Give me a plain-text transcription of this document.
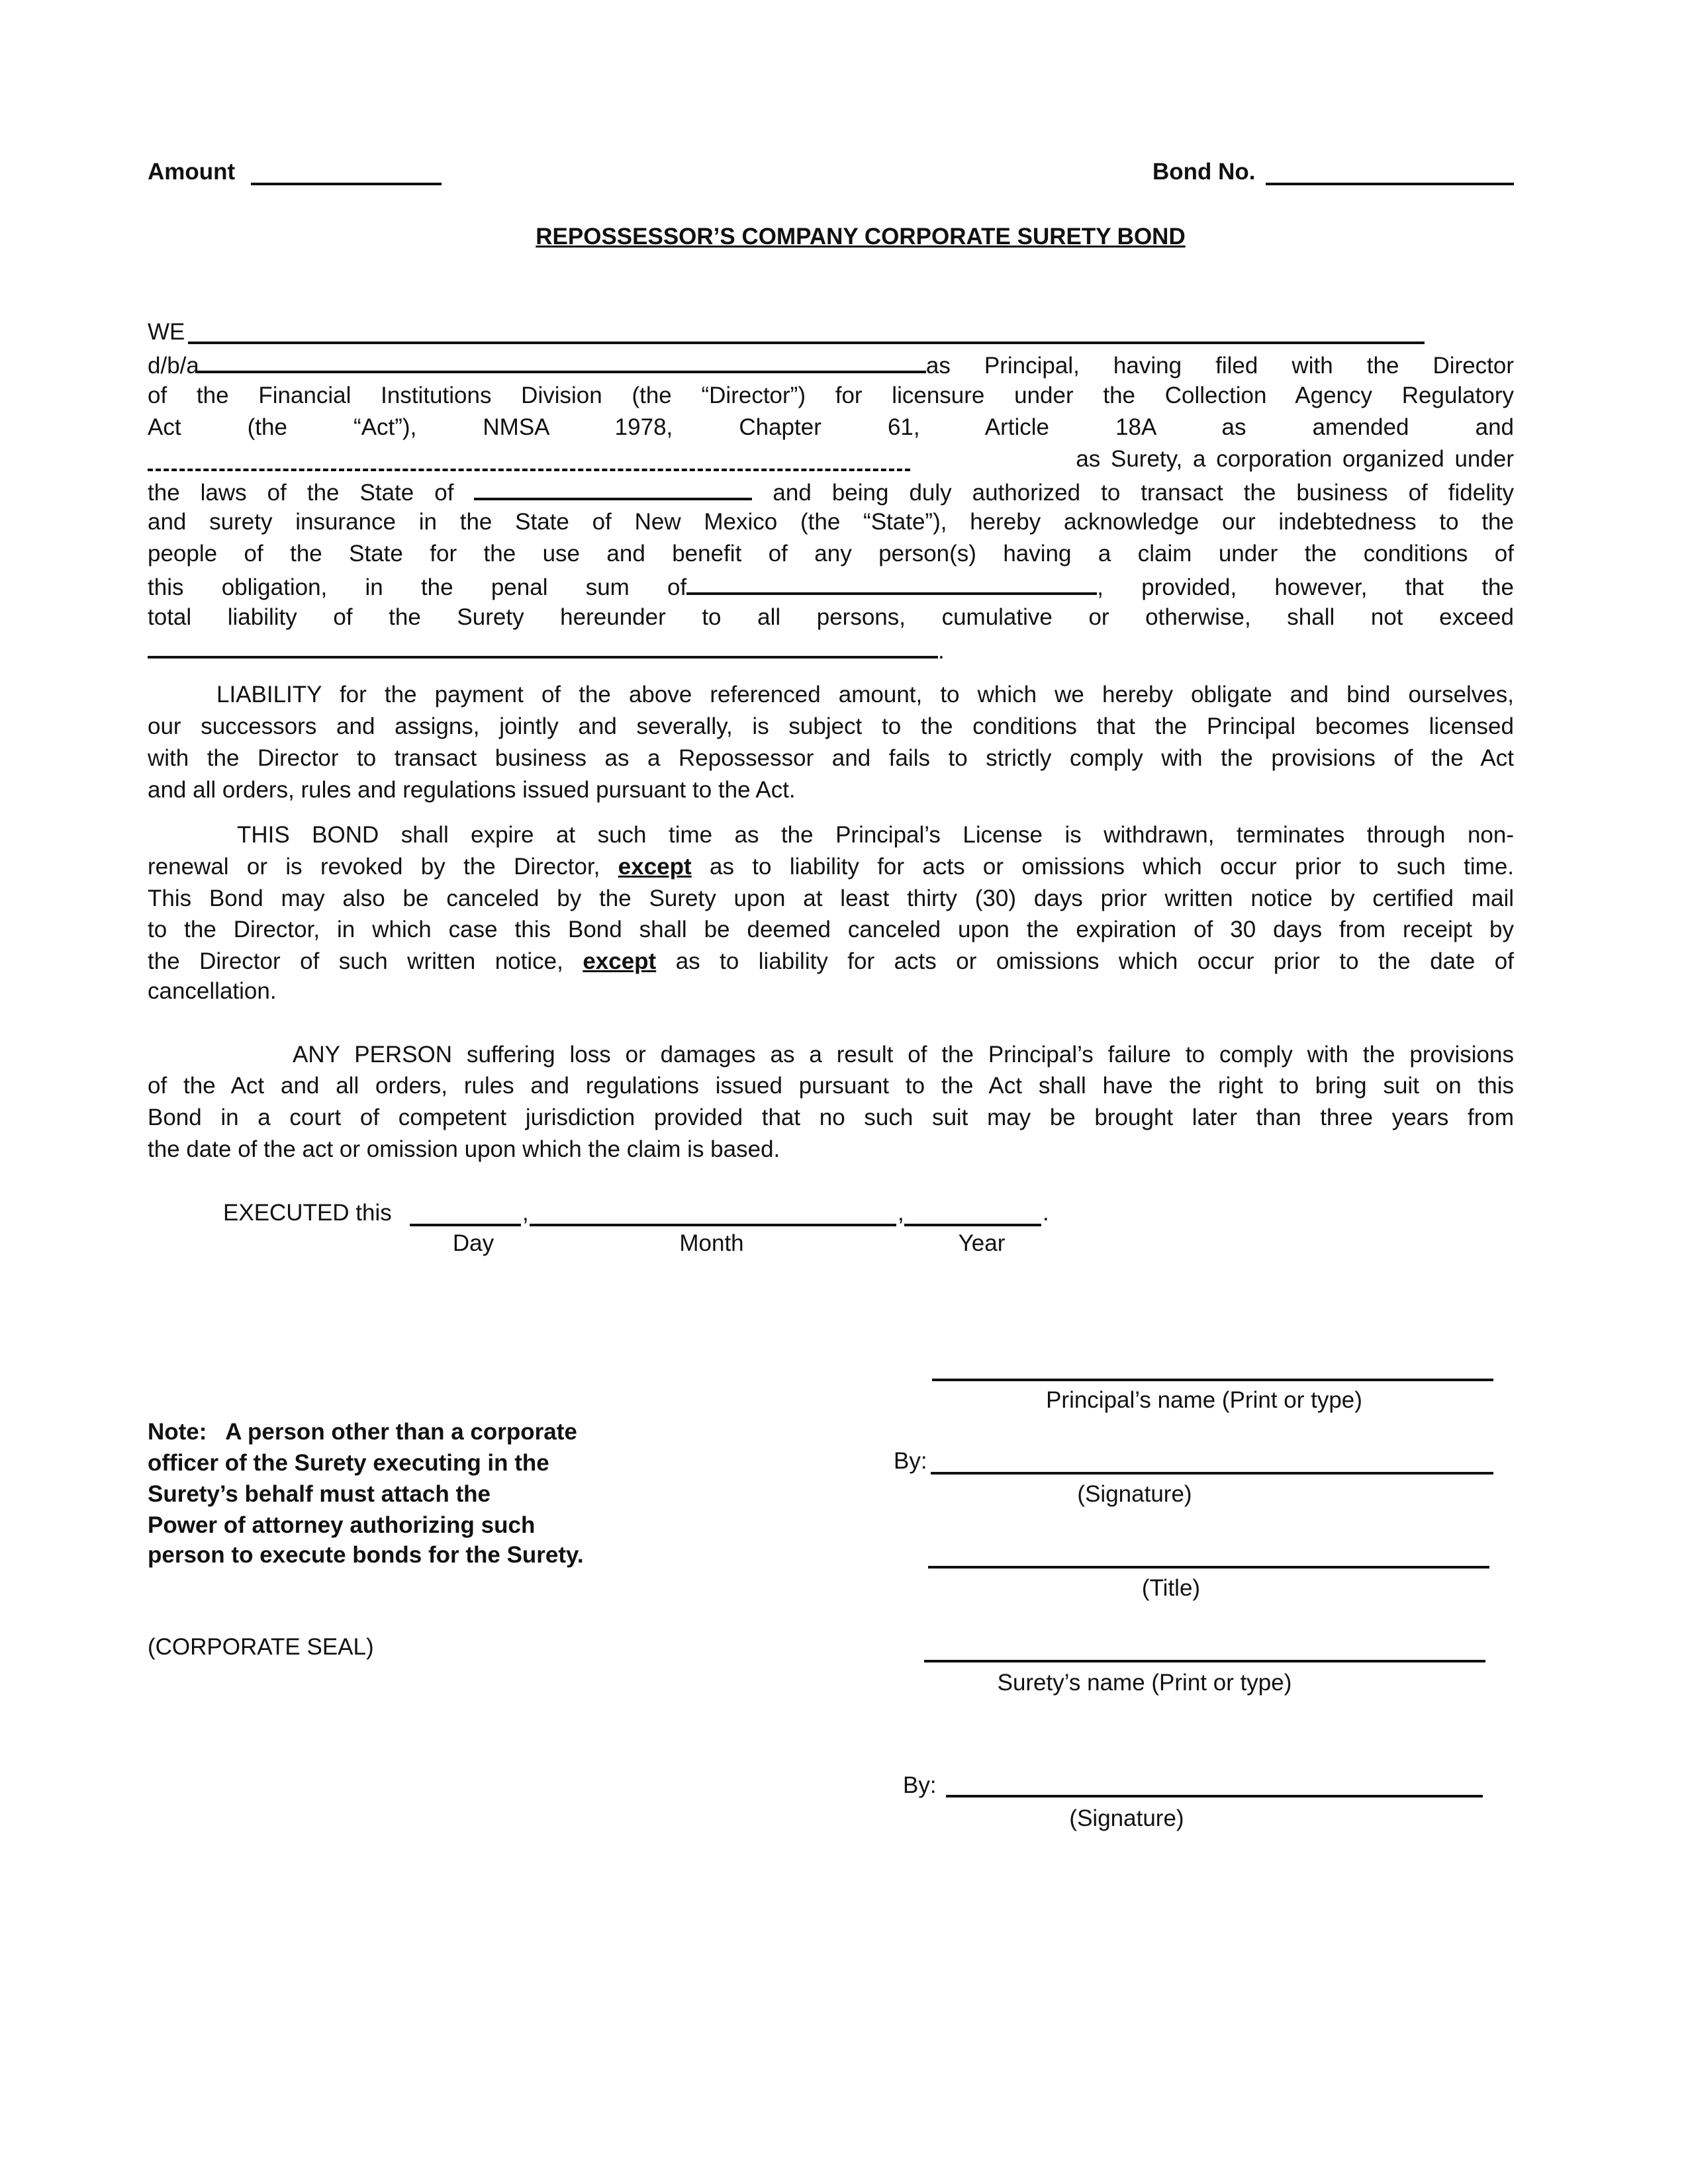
Amount	Bond No.
REPOSSESSOR’S COMPANY CORPORATE SURETY BOND
WE
d/b/a	as Principal, having filed with the Director
of the Financial Institutions Division (the “Director”) for licensure under the Collection Agency Regulatory
Act (the “Act”), NMSA 1978, Chapter 61, Article 18A as amended and
as Surety, a corporation organized under
the laws of the State of	and being duly authorized to transact the business of fidelity
and surety insurance in the State of New Mexico (the “State”), hereby acknowledge our indebtedness to the
people of the State for the use and benefit of any person(s) having a claim under the conditions of
this obligation, in the penal sum of	, provided, however, that the
total liability of the Surety hereunder to all persons, cumulative or otherwise, shall not exceed
.
LIABILITY for the payment of the above referenced amount, to which we hereby obligate and bind ourselves,
our successors and assigns, jointly and severally, is subject to the conditions that the Principal becomes licensed
with the Director to transact business as a Repossessor and fails to strictly comply with the provisions of the Act
and all orders, rules and regulations issued pursuant to the Act.
THIS BOND shall expire at such time as the Principal’s License is withdrawn, terminates through non-
renewal or is revoked by the Director, except as to liability for acts or omissions which occur prior to such time.
This Bond may also be canceled by the Surety upon at least thirty (30) days prior written notice by certified mail
to the Director, in which case this Bond shall be deemed canceled upon the expiration of 30 days from receipt by
the Director of such written notice, except as to liability for acts or omissions which occur prior to the date of
cancellation.
ANY PERSON suffering loss or damages as a result of the Principal’s failure to comply with the provisions
of the Act and all orders, rules and regulations issued pursuant to the Act shall have the right to bring suit on this
Bond in a court of competent jurisdiction provided that no such suit may be brought later than three years from
the date of the act or omission upon which the claim is based.
EXECUTED this	,	,	.
Day	Month	Year
Note:   A person other than a corporate
officer of the Surety executing in the
Surety’s behalf must attach the
Power of attorney authorizing such
person to execute bonds for the Surety.
(CORPORATE SEAL)
Principal’s name (Print or type)
By:
(Signature)
(Title)
Surety’s name (Print or type)
By:
(Signature)
